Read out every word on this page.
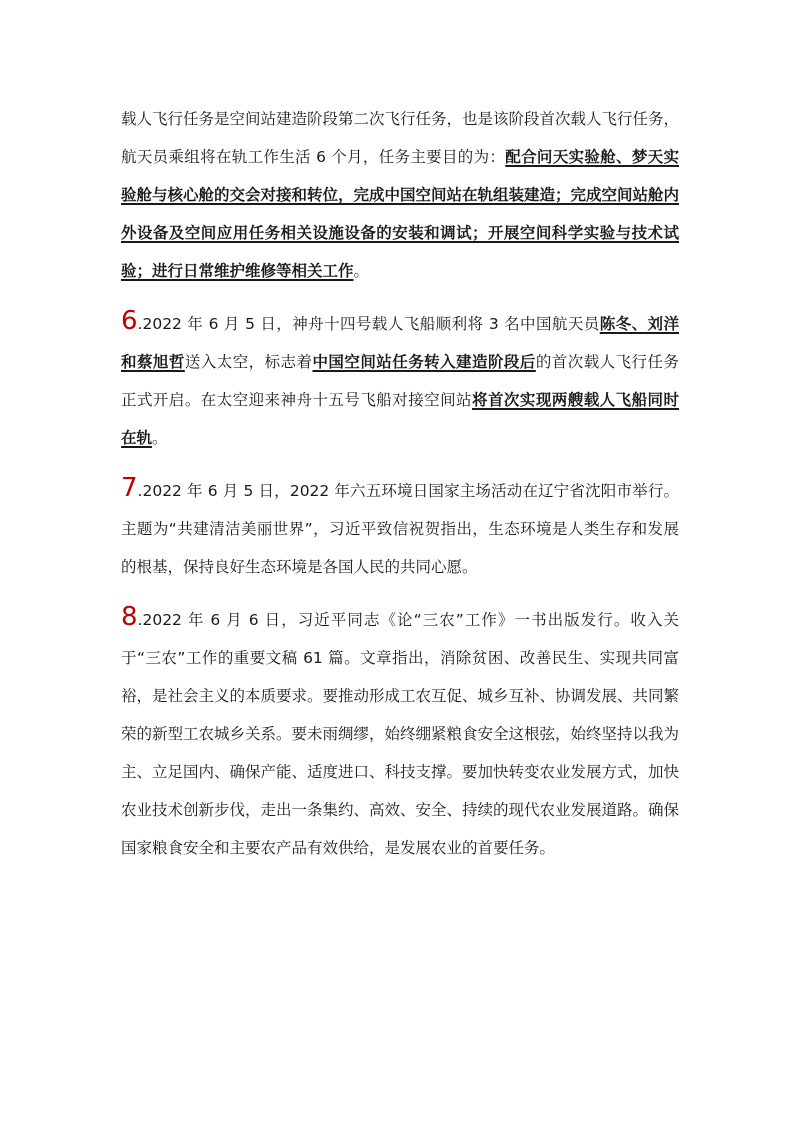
载人飞行任务是空间站建造阶段第二次飞行任务，也是该阶段首次载人飞行任务，航天员乘组将在轨工作生活 6 个月，任务主要目的为：配合问天实验舱、梦天实验舱与核心舱的交会对接和转位，完成中国空间站在轨组装建造；完成空间站舱内外设备及空间应用任务相关设施设备的安装和调试；开展空间科学实验与技术试验；进行日常维护维修等相关工作。

6.2022 年 6 月 5 日，神舟十四号载人飞船顺利将 3 名中国航天员陈冬、刘洋和蔡旭哲送入太空，标志着中国空间站任务转入建造阶段后的首次载人飞行任务正式开启。在太空迎来神舟十五号飞船对接空间站将首次实现两艘载人飞船同时在轨。

7.2022 年 6 月 5 日，2022 年六五环境日国家主场活动在辽宁省沈阳市举行。主题为“共建清洁美丽世界”，习近平致信祝贺指出，生态环境是人类生存和发展的根基，保持良好生态环境是各国人民的共同心愿。

8.2022 年 6 月 6 日，习近平同志《论“三农”工作》一书出版发行。收入关于“三农”工作的重要文稿 61 篇。文章指出，消除贫困、改善民生、实现共同富裕，是社会主义的本质要求。要推动形成工农互促、城乡互补、协调发展、共同繁荣的新型工农城乡关系。要未雨绸缪，始终绷紧粮食安全这根弦，始终坚持以我为主、立足国内、确保产能、适度进口、科技支撑。要加快转变农业发展方式，加快农业技术创新步伐，走出一条集约、高效、安全、持续的现代农业发展道路。确保国家粮食安全和主要农产品有效供给，是发展农业的首要任务。
